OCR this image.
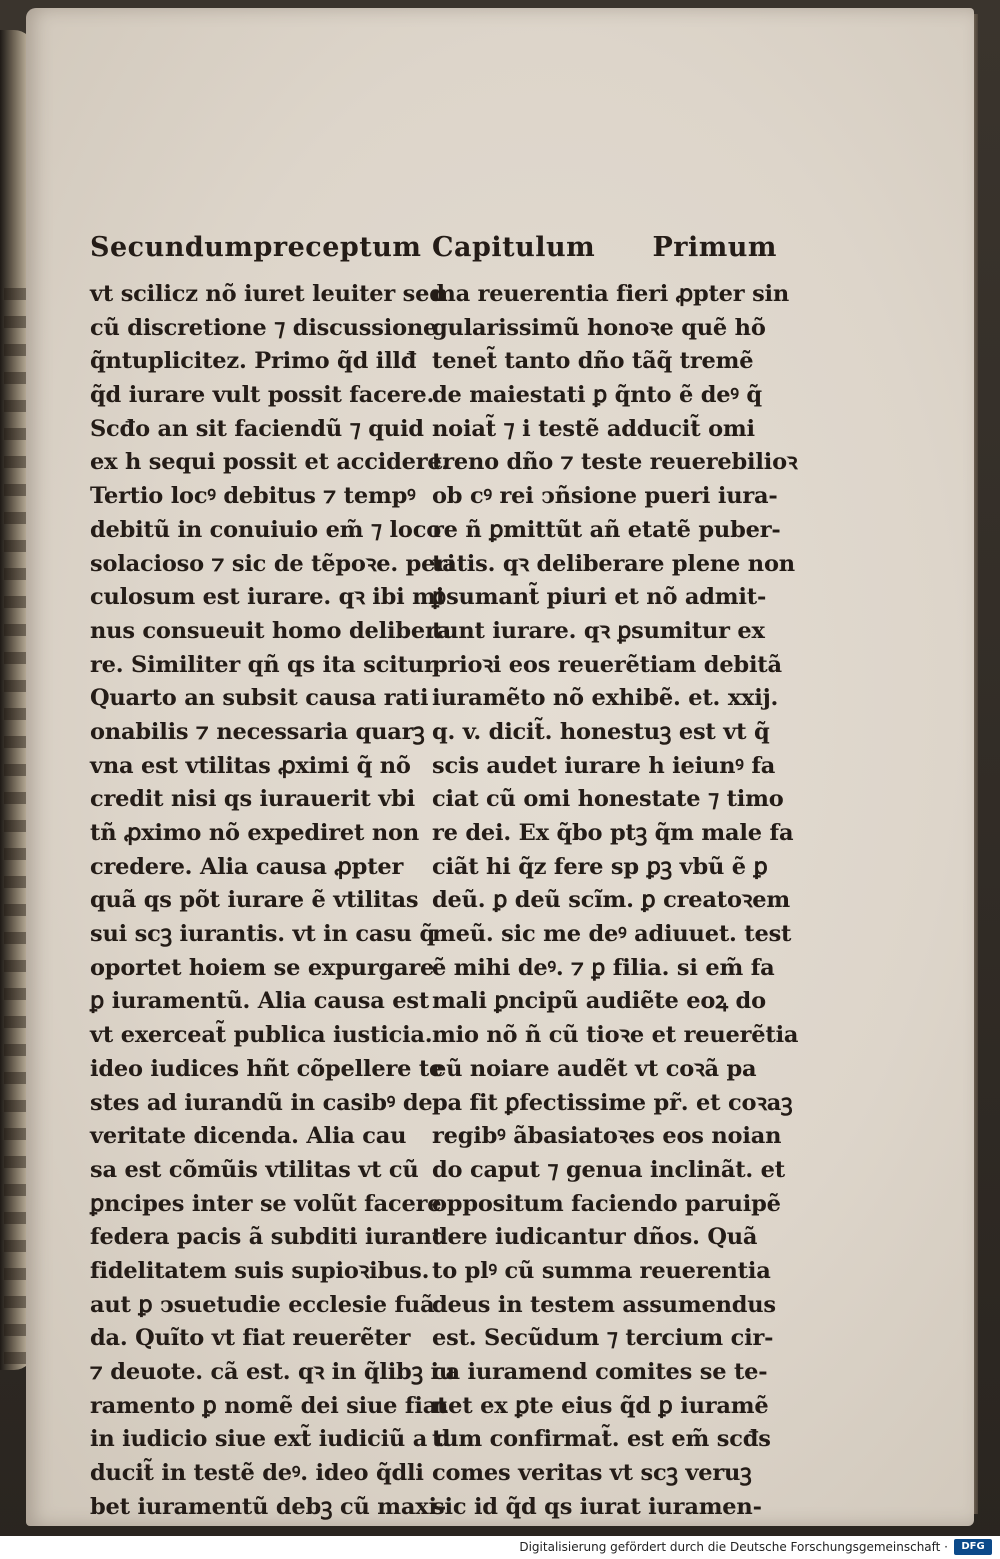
Secundum preceptum
vt scilicz nõ iuret leuiter sed
cũ discretione ⁊ discussione
q̃ntuplicitez. Primo q̃d illđ
q̃d iurare vult possit facere.
Scđo an sit faciendũ ⁊ quid
ex h sequi possit et accidere.
Tertio locꝰ debitus ⁊ tempꝰ
debitũ in conuiuio em̃ ⁊ loco
solacioso ⁊ sic de tẽpoꝛe. peri
culosum est iurare. qꝛ ibi mi
nus consueuit homo delibera
re. Similiter qñ qs ita scitur
Quarto an subsit causa rati
onabilis ⁊ necessaria quarꝫ
vna est vtilitas ꝓximi q̃ nõ
credit nisi qs iurauerit vbi
tñ ꝓximo nõ expediret non
credere. Alia causa ꝓpter
quã qs põt iurare ẽ vtilitas
sui scꝫ iurantis. vt in casu q̃
oportet hoiem se expurgare
ꝑ iuramentũ. Alia causa est
vt exerceat̃ publica iusticia.
ideo iudices hñt cõpellere te
stes ad iurandũ in casibꝰ de
veritate dicenda. Alia cau
sa est cõmũis vtilitas vt cũ
ꝑncipes inter se volũt facere
federa pacis ã subditi iurant
fidelitatem suis supioꝛibus.
aut ꝑ ↄsuetudie ecclesie fuã
da. Quĩto vt fiat reuerẽter
⁊ deuote. cã est. qꝛ in q̃libꝫ iu
ramento ꝑ nomẽ dei siue fiat
in iudicio siue ext̃ iudiciũ a d
ducit̃ in testẽ deꝰ. ideo q̃dli
bet iuramentũ debꝫ cũ maxi-
Capitulum Primum
ma reuerentia fieri ꝓpter sin
gularissimũ honoꝛe quẽ hõ
tenet̃ tanto dño tãq̃ tremẽ
de maiestati ꝑ q̃nto ẽ deꝰ q̃
noiat̃ ⁊ i testẽ adducit̃ omi
treno dño ⁊ teste reuerebilioꝛ
ob cꝰ rei ↄñsione pueri iura-
re ñ ꝑmittũt añ etatẽ puber-
tatis. qꝛ deliberare plene non
ꝑsumant̃ piuri et nõ admit-
tunt iurare. qꝛ ꝑsumitur ex
prioꝛi eos reuerẽtiam debitã
iuramẽto nõ exhibẽ. et. xxij.
q. v. dicit̃. honestuꝫ est vt q̃
scis audet iurare h ieiunꝰ fa
ciat cũ omi honestate ⁊ timo
re dei. Ex q̃bo ptꝫ q̃m male fa
ciãt hi q̃z fere sp ꝑꝫ vbũ ẽ ꝑ
deũ. ꝑ deũ scĩm. ꝑ creatoꝛem
meũ. sic me deꝰ adiuuet. test
ẽ mihi deꝰ. ⁊ ꝑ filia. si em̃ fa
mali ꝑncipũ audiẽte eoꝝ do
mio nõ ñ cũ tioꝛe et reuerẽtia
eũ noiare audẽt vt coꝛã pa
pa fit ꝑfectissime pr̃. et coꝛaꝫ
regibꝰ ãbasiatoꝛes eos noian
do caput ⁊ genua inclinãt. et
oppositum faciendo paruipẽ
dere iudicantur dños. Quã
to plꝰ cũ summa reuerentia
deus in testem assumendus
est. Secũdum ⁊ tercium cir-
ca iuramend comites se te-
net ex ꝑte eius q̃d ꝑ iuramẽ
tum confirmat̃. est em̃ scđs
comes veritas vt scꝫ veruꝫ
sic id q̃d qs iurat iuramen-
Digitalisierung gefördert durch die Deutsche Forschungsgemeinschaft ·	DFG
